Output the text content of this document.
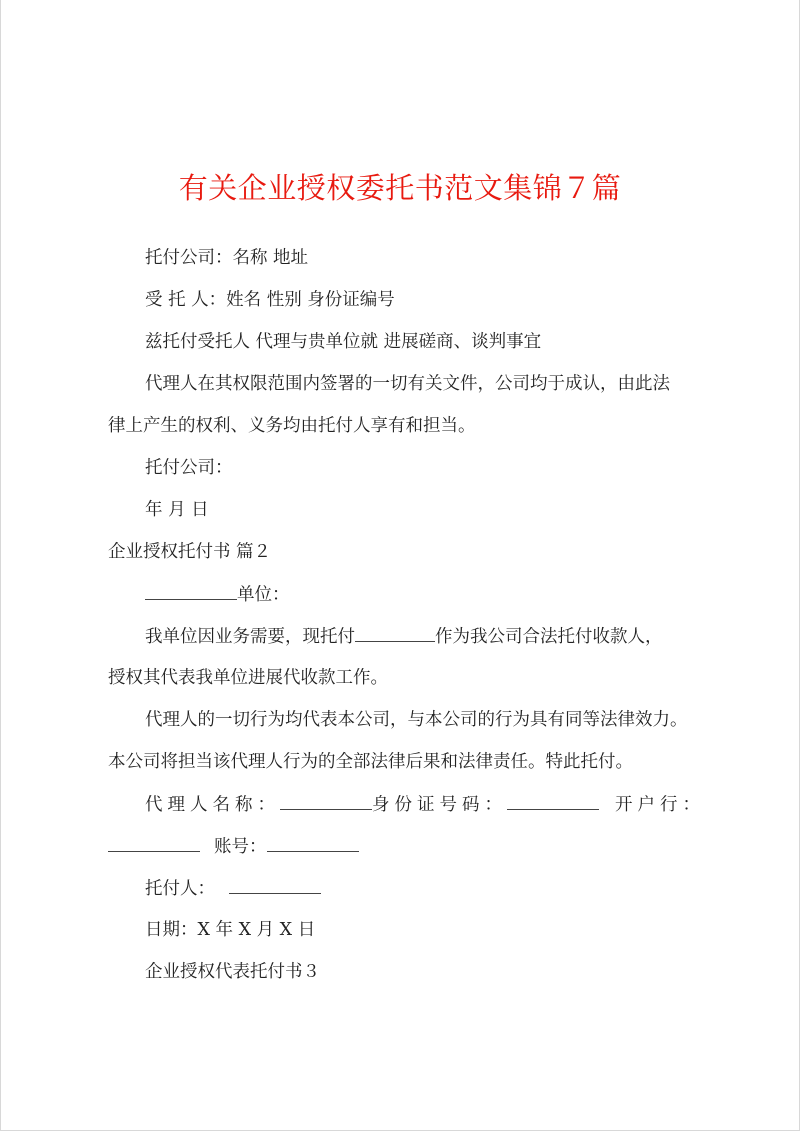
有关企业授权委托书范文集锦７篇
托付公司：名称 地址
受 托 人：姓名 性别 身份证编号
兹托付受托人 代理与贵单位就 进展磋商、谈判事宜
代理人在其权限范围内签署的一切有关文件，公司均于成认，由此法
律上产生的权利、义务均由托付人享有和担当。
托付公司：
年 月 日
企业授权托付书 篇２
单位：
我单位因业务需要，现托付	作为我公司合法托付收款人，
授权其代表我单位进展代收款工作。
代理人的一切行为均代表本公司，与本公司的行为具有同等法律效力。
本公司将担当该代理人行为的全部法律后果和法律责任。特此托付。
代理人名称：	身份证号码：	开户行：
账号：
托付人：
日期：X 年 X 月 X 日
企业授权代表托付书３
